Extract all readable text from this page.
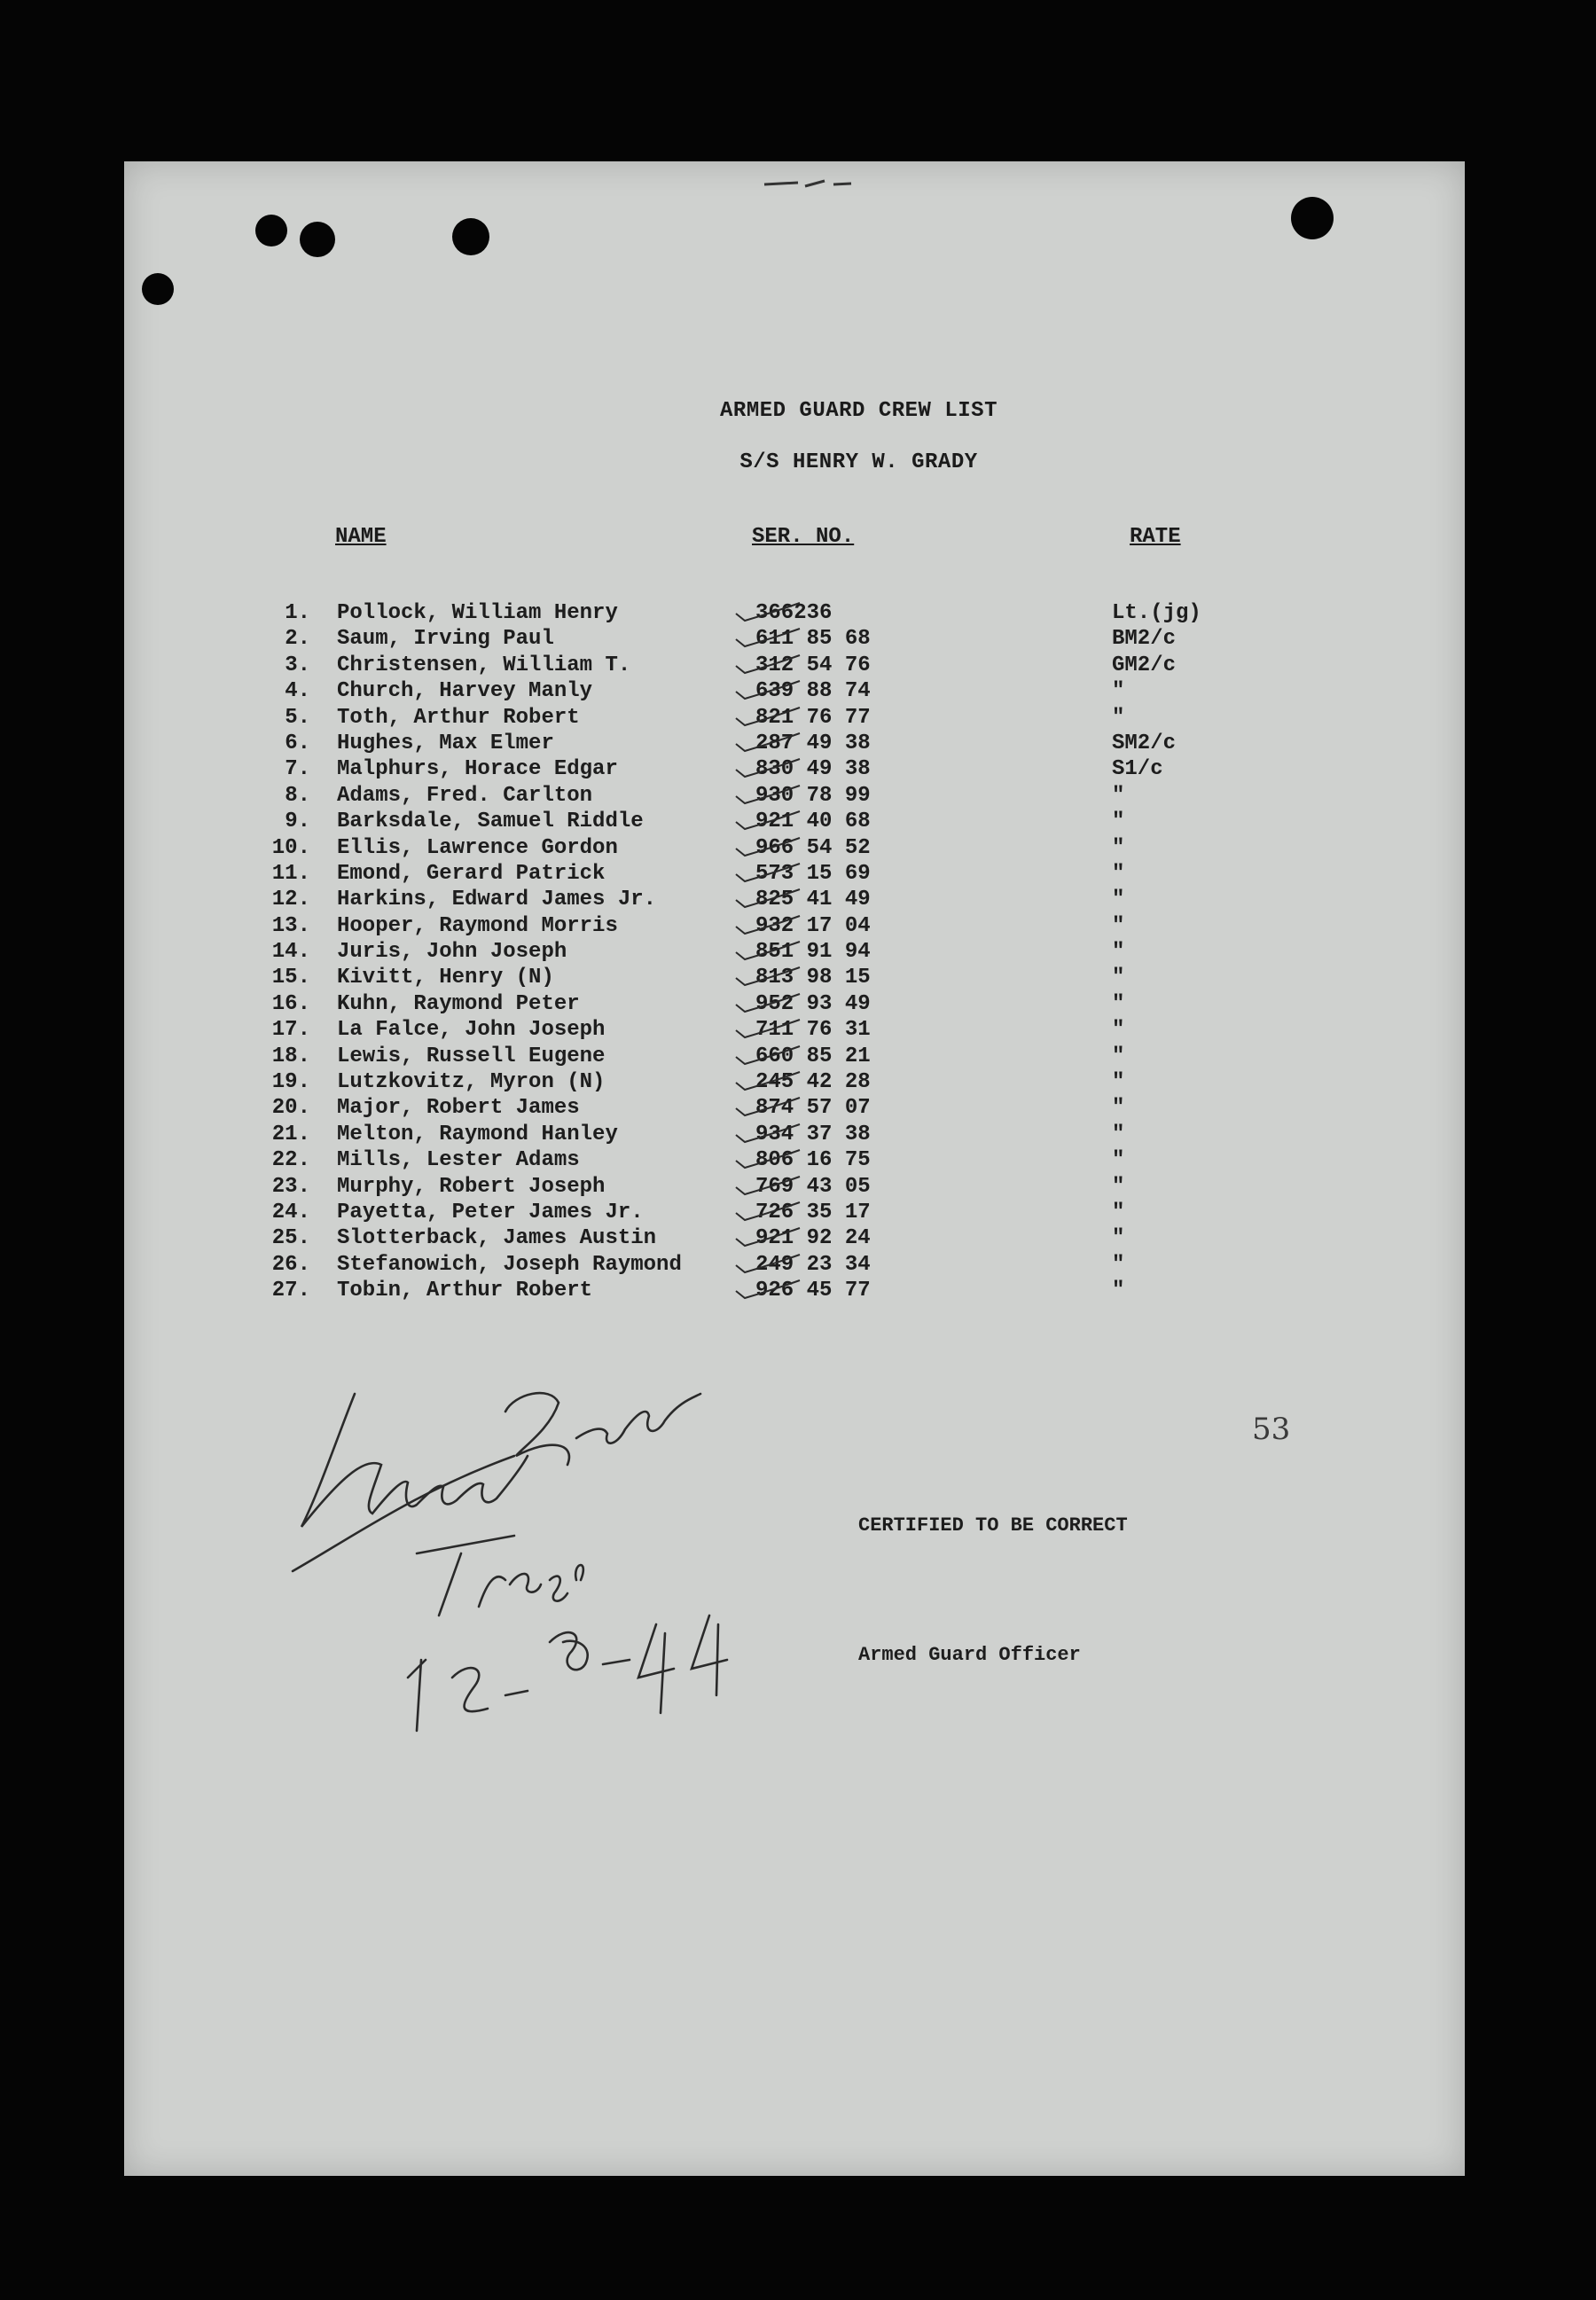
ARMED GUARD CREW LIST
S/S HENRY W. GRADY
NAME	SER. NO.	RATE
1. Pollock, William Henry	366236	Lt.(jg)
2. Saum, Irving Paul	611 85 68	BM2/c
3. Christensen, William T.	312 54 76	GM2/c
4. Church, Harvey Manly	639 88 74	"
5. Toth, Arthur Robert	821 76 77	"
6. Hughes, Max Elmer	287 49 38	SM2/c
7. Malphurs, Horace Edgar	830 49 38	S1/c
8. Adams, Fred. Carlton	930 78 99	"
9. Barksdale, Samuel Riddle	921 40 68	"
10. Ellis, Lawrence Gordon	966 54 52	"
11. Emond, Gerard Patrick	573 15 69	"
12. Harkins, Edward James Jr.	825 41 49	"
13. Hooper, Raymond Morris	932 17 04	"
14. Juris, John Joseph	851 91 94	"
15. Kivitt, Henry (N)	813 98 15	"
16. Kuhn, Raymond Peter	952 93 49	"
17. La Falce, John Joseph	711 76 31	"
18. Lewis, Russell Eugene	660 85 21	"
19. Lutzkovitz, Myron (N)	245 42 28	"
20. Major, Robert James	874 57 07	"
21. Melton, Raymond Hanley	934 37 38	"
22. Mills, Lester Adams	806 16 75	"
23. Murphy, Robert Joseph	769 43 05	"
24. Payetta, Peter James Jr.	726 35 17	"
25. Slotterback, James Austin	921 92 24	"
26. Stefanowich, Joseph Raymond	249 23 34	"
27. Tobin, Arthur Robert	926 45 77	"
53
CERTIFIED TO BE CORRECT
Armed Guard Officer
